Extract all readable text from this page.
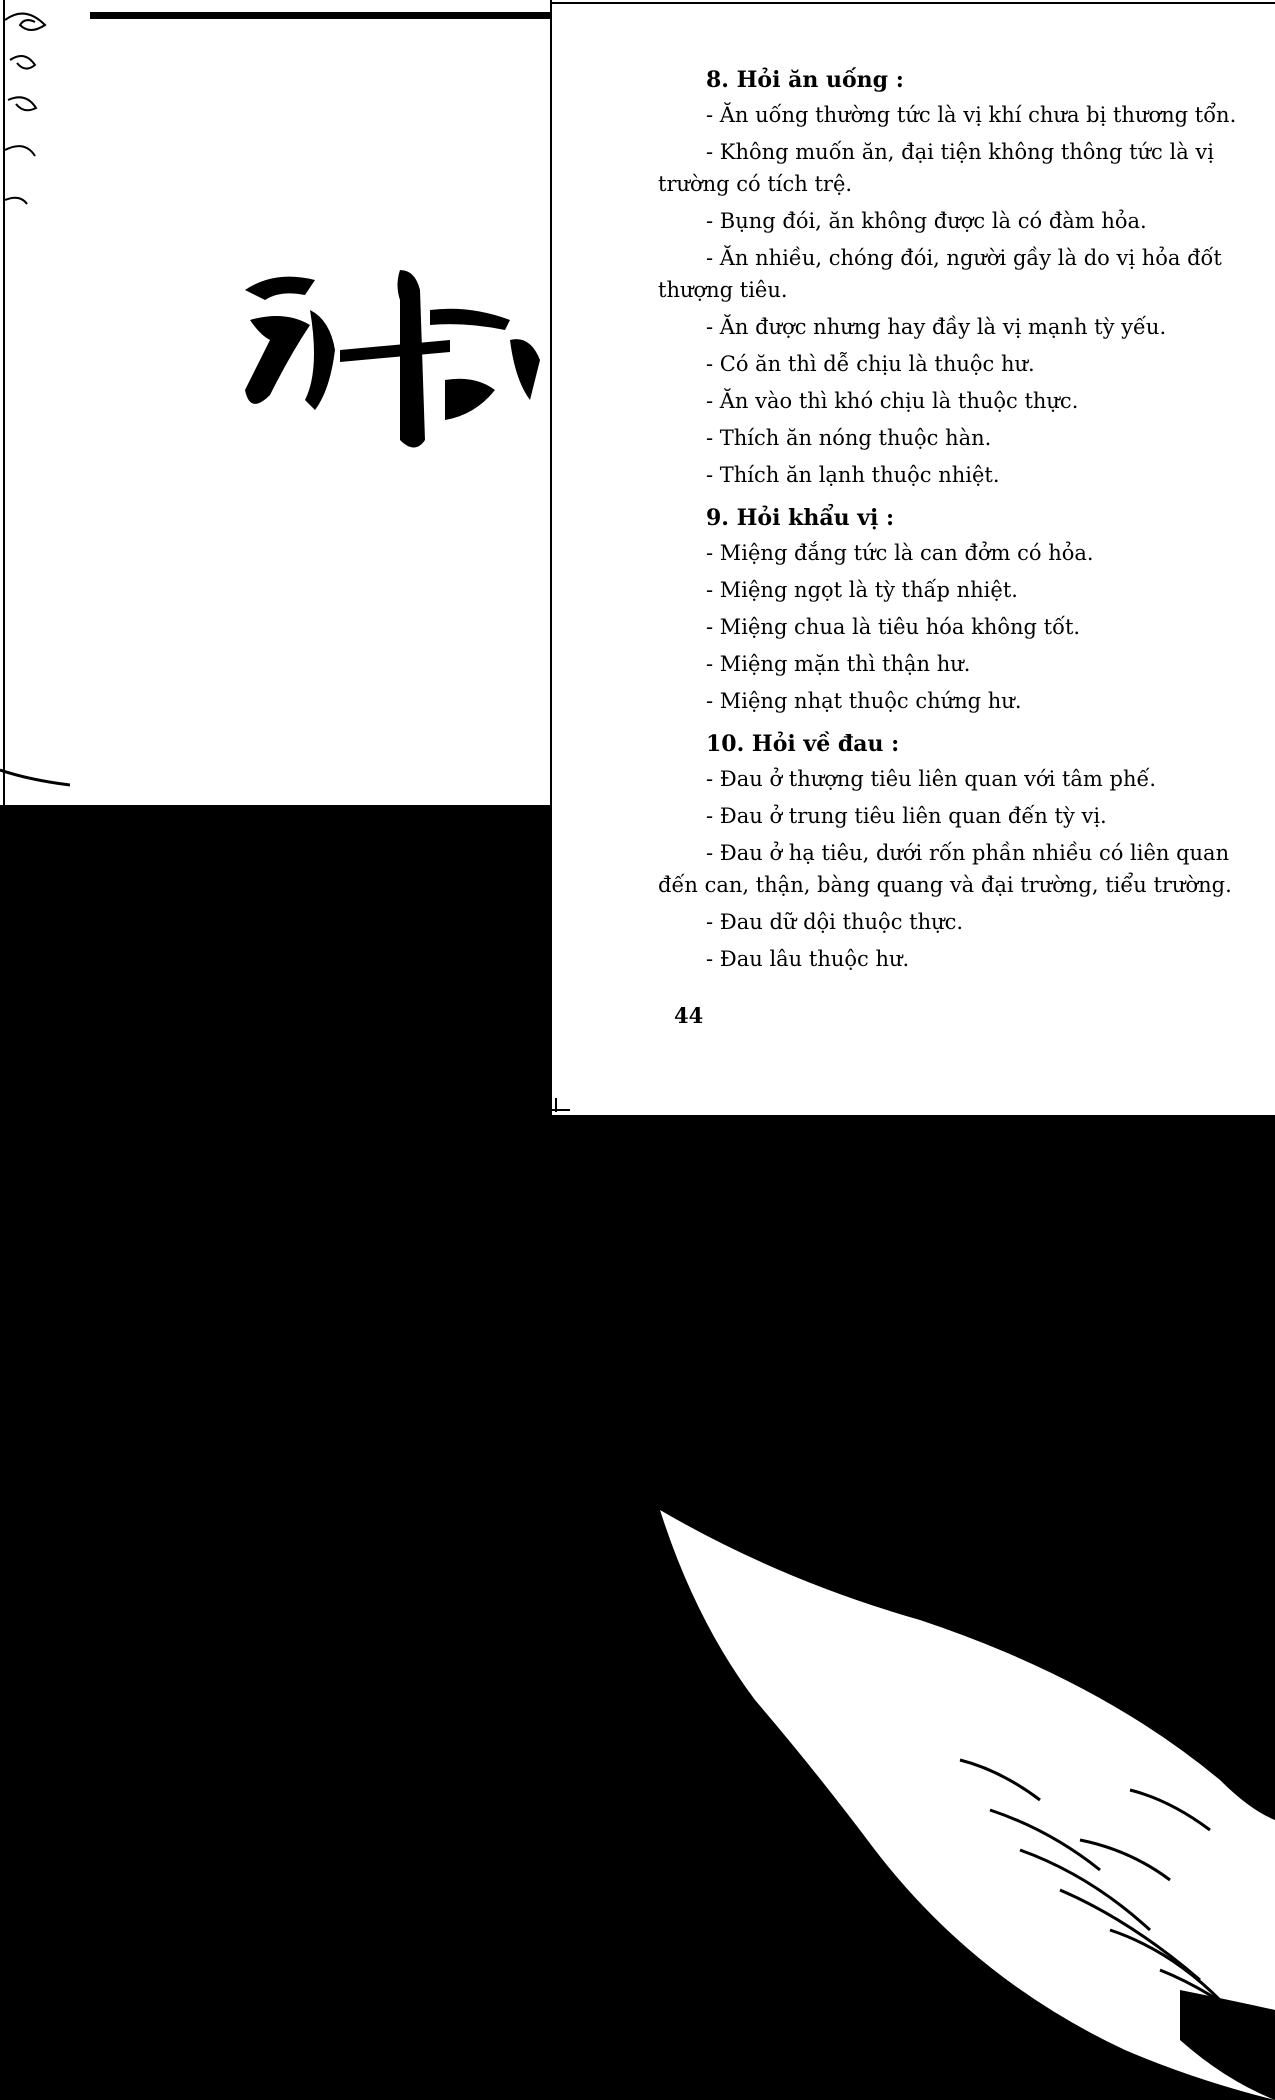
8. Hỏi ăn uống :

- Ăn uống thường tức là vị khí chưa bị thương tổn.

- Không muốn ăn, đại tiện không thông tức là vị trường có tích trệ.

- Bụng đói, ăn không được là có đàm hỏa.

- Ăn nhiều, chóng đói, người gầy là do vị hỏa đốt thượng tiêu.

- Ăn được nhưng hay đầy là vị mạnh tỳ yếu.

- Có ăn thì dễ chịu là thuộc hư.

- Ăn vào thì khó chịu là thuộc thực.

- Thích ăn nóng thuộc hàn.

- Thích ăn lạnh thuộc nhiệt.

9. Hỏi khẩu vị :

- Miệng đắng tức là can đởm có hỏa.

- Miệng ngọt là tỳ thấp nhiệt.

- Miệng chua là tiêu hóa không tốt.

- Miệng mặn thì thận hư.

- Miệng nhạt thuộc chứng hư.

10. Hỏi về đau :

- Đau ở thượng tiêu liên quan với tâm phế.

- Đau ở trung tiêu liên quan đến tỳ vị.

- Đau ở hạ tiêu, dưới rốn phần nhiều có liên quan đến can, thận, bàng quang và đại trường, tiểu trường.

- Đau dữ dội thuộc thực.

- Đau lâu thuộc hư.

44
